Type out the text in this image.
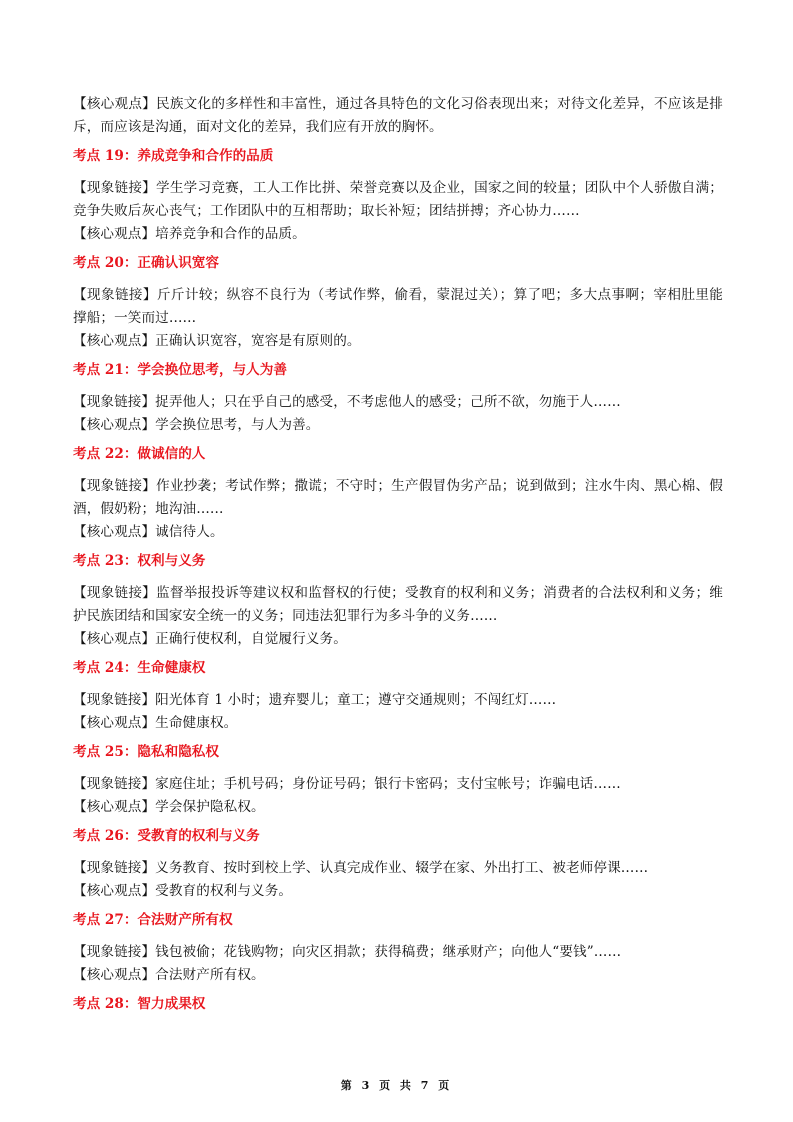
【核心观点】民族文化的多样性和丰富性，通过各具特色的文化习俗表现出来；对待文化差异，不应该是排斥，而应该是沟通，面对文化的差异，我们应有开放的胸怀。

考点 19：养成竞争和合作的品质

【现象链接】学生学习竞赛，工人工作比拼、荣誉竞赛以及企业，国家之间的较量；团队中个人骄傲自满；竞争失败后灰心丧气；工作团队中的互相帮助；取长补短；团结拼搏；齐心协力……

【核心观点】培养竞争和合作的品质。

考点 20：正确认识宽容

【现象链接】斤斤计较；纵容不良行为（考试作弊，偷看，蒙混过关）；算了吧；多大点事啊；宰相肚里能撑船；一笑而过……

【核心观点】正确认识宽容，宽容是有原则的。

考点 21：学会换位思考，与人为善

【现象链接】捉弄他人；只在乎自己的感受，不考虑他人的感受；己所不欲，勿施于人……

【核心观点】学会换位思考，与人为善。

考点 22：做诚信的人

【现象链接】作业抄袭；考试作弊；撒谎；不守时；生产假冒伪劣产品；说到做到；注水牛肉、黑心棉、假酒，假奶粉；地沟油……

【核心观点】诚信待人。

考点 23：权利与义务

【现象链接】监督举报投诉等建议权和监督权的行使；受教育的权利和义务；消费者的合法权利和义务；维护民族团结和国家安全统一的义务；同违法犯罪行为多斗争的义务……

【核心观点】正确行使权利，自觉履行义务。

考点 24：生命健康权

【现象链接】阳光体育 1 小时；遗弃婴儿；童工；遵守交通规则；不闯红灯……

【核心观点】生命健康权。

考点 25：隐私和隐私权

【现象链接】家庭住址；手机号码；身份证号码；银行卡密码；支付宝帐号；诈骗电话……

【核心观点】学会保护隐私权。

考点 26：受教育的权利与义务

【现象链接】义务教育、按时到校上学、认真完成作业、辍学在家、外出打工、被老师停课……

【核心观点】受教育的权利与义务。

考点 27：合法财产所有权

【现象链接】钱包被偷；花钱购物；向灾区捐款；获得稿费；继承财产；向他人“要钱”……

【核心观点】合法财产所有权。

考点 28：智力成果权
第 3 页 共 7 页
